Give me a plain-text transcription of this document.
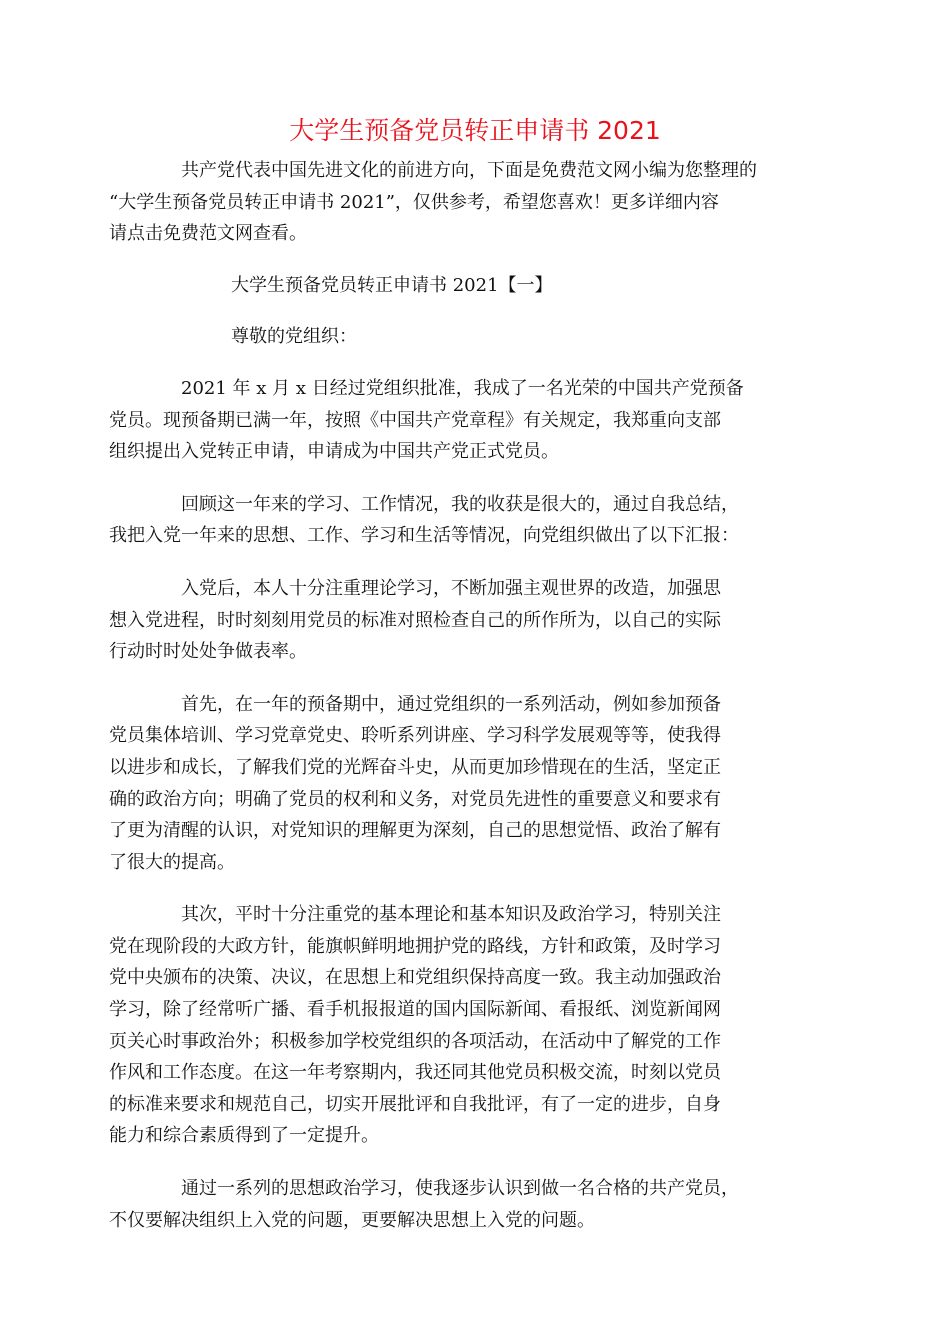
大学生预备党员转正申请书 2021

共产党代表中国先进文化的前进方向，下面是免费范文网小编为您整理的
“大学生预备党员转正申请书 2021”，仅供参考，希望您喜欢！更多详细内容
请点击免费范文网查看。

大学生预备党员转正申请书 2021【一】

尊敬的党组织：

2021 年 x 月 x 日经过党组织批准，我成了一名光荣的中国共产党预备
党员。现预备期已满一年，按照《中国共产党章程》有关规定，我郑重向支部
组织提出入党转正申请，申请成为中国共产党正式党员。

回顾这一年来的学习、工作情况，我的收获是很大的，通过自我总结，
我把入党一年来的思想、工作、学习和生活等情况，向党组织做出了以下汇报：

入党后，本人十分注重理论学习，不断加强主观世界的改造，加强思
想入党进程，时时刻刻用党员的标准对照检查自己的所作所为，以自己的实际
行动时时处处争做表率。

首先，在一年的预备期中，通过党组织的一系列活动，例如参加预备
党员集体培训、学习党章党史、聆听系列讲座、学习科学发展观等等，使我得
以进步和成长，了解我们党的光辉奋斗史，从而更加珍惜现在的生活，坚定正
确的政治方向；明确了党员的权利和义务，对党员先进性的重要意义和要求有
了更为清醒的认识，对党知识的理解更为深刻，自己的思想觉悟、政治了解有
了很大的提高。

其次，平时十分注重党的基本理论和基本知识及政治学习，特别关注
党在现阶段的大政方针，能旗帜鲜明地拥护党的路线，方针和政策，及时学习
党中央颁布的决策、决议，在思想上和党组织保持高度一致。我主动加强政治
学习，除了经常听广播、看手机报报道的国内国际新闻、看报纸、浏览新闻网
页关心时事政治外；积极参加学校党组织的各项活动，在活动中了解党的工作
作风和工作态度。在这一年考察期内，我还同其他党员积极交流，时刻以党员
的标准来要求和规范自己，切实开展批评和自我批评，有了一定的进步，自身
能力和综合素质得到了一定提升。

通过一系列的思想政治学习，使我逐步认识到做一名合格的共产党员，
不仅要解决组织上入党的问题，更要解决思想上入党的问题。
